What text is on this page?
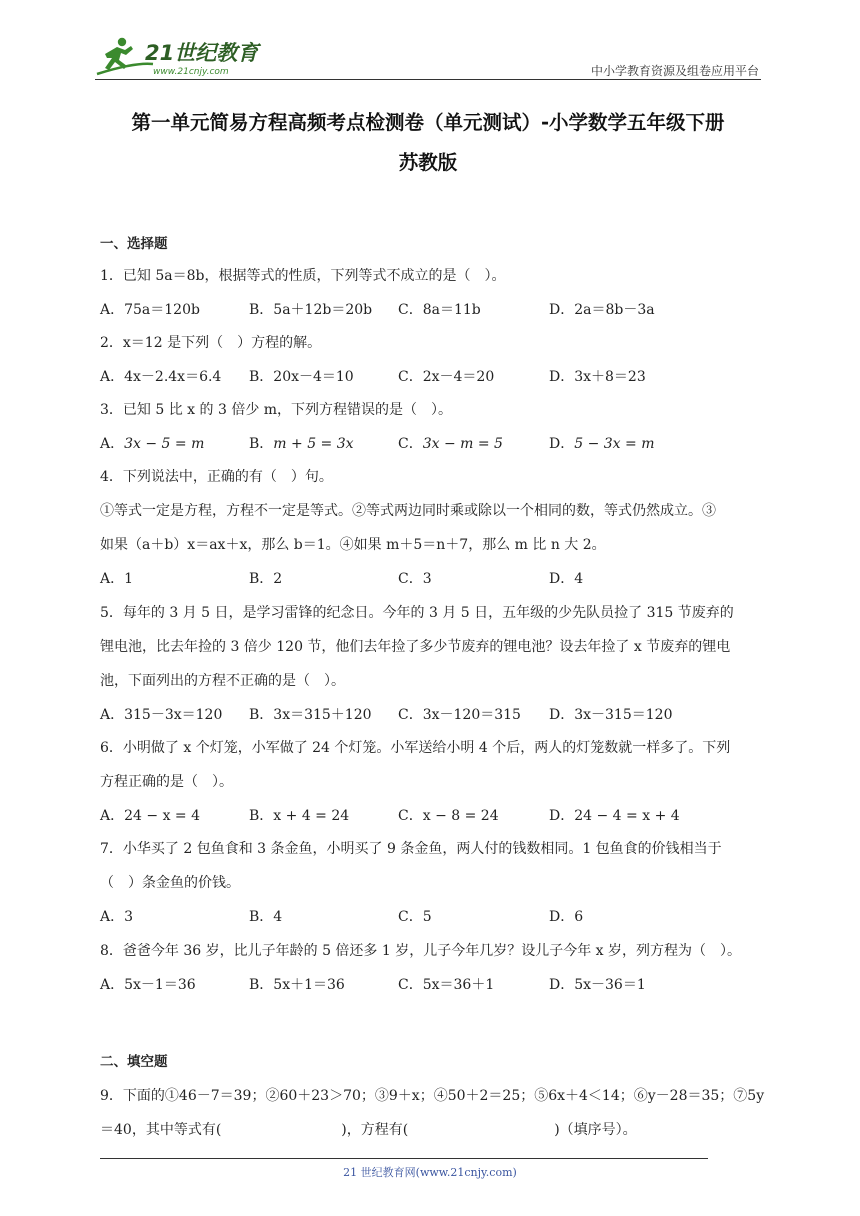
21世纪教育
www.21cnjy.com	中小学教育资源及组卷应用平台
第一单元简易方程高频考点检测卷（单元测试）-小学数学五年级下册
苏教版
一、选择题
1．已知 5a＝8b，根据等式的性质，下列等式不成立的是（　）。
A．75a＝120b	B．5a＋12b＝20b C．8a＝11b	D．2a＝8b－3a
2．x＝12 是下列（　）方程的解。
A．4x－2.4x＝6.4 B．20x－4＝10	C．2x－4＝20	D．3x＋8＝23
3．已知 5 比 x 的 3 倍少 m，下列方程错误的是（　）。
A．3x − 5 = m	B．m + 5 = 3x	C．3x − m = 5	D．5 − 3x = m
4．下列说法中，正确的有（　）句。
①等式一定是方程，方程不一定是等式。②等式两边同时乘或除以一个相同的数，等式仍然成立。③
如果（a＋b）x＝ax＋x，那么 b＝1。④如果 m＋5＝n＋7，那么 m 比 n 大 2。
A．1	B．2	C．3	D．4
5．每年的 3 月 5 日，是学习雷锋的纪念日。今年的 3 月 5 日，五年级的少先队员捡了 315 节废弃的
锂电池，比去年捡的 3 倍少 120 节，他们去年捡了多少节废弃的锂电池？设去年捡了 x 节废弃的锂电
池，下面列出的方程不正确的是（　）。
A．315－3x＝120 B．3x＝315＋120 C．3x－120＝315 D．3x－315＝120
6．小明做了 x 个灯笼，小军做了 24 个灯笼。小军送给小明 4 个后，两人的灯笼数就一样多了。下列
方程正确的是（　）。
A．24 − x = 4	B．x + 4 = 24	C．x − 8 = 24	D．24 − 4 = x + 4
7．小华买了 2 包鱼食和 3 条金鱼，小明买了 9 条金鱼，两人付的钱数相同。1 包鱼食的价钱相当于
（　）条金鱼的价钱。
A．3	B．4	C．5	D．6
8．爸爸今年 36 岁，比儿子年龄的 5 倍还多 1 岁，儿子今年几岁？设儿子今年 x 岁，列方程为（　）。
A．5x－1＝36	B．5x＋1＝36	C．5x＝36＋1	D．5x－36＝1
二、填空题
9．下面的①46－7＝39；②60＋23＞70；③9＋x；④50＋2＝25；⑤6x＋4＜14；⑥y－28＝35；⑦5y
＝40，其中等式有(	)，方程有(	)（填序号）。
21 世纪教育网(www.21cnjy.com)
